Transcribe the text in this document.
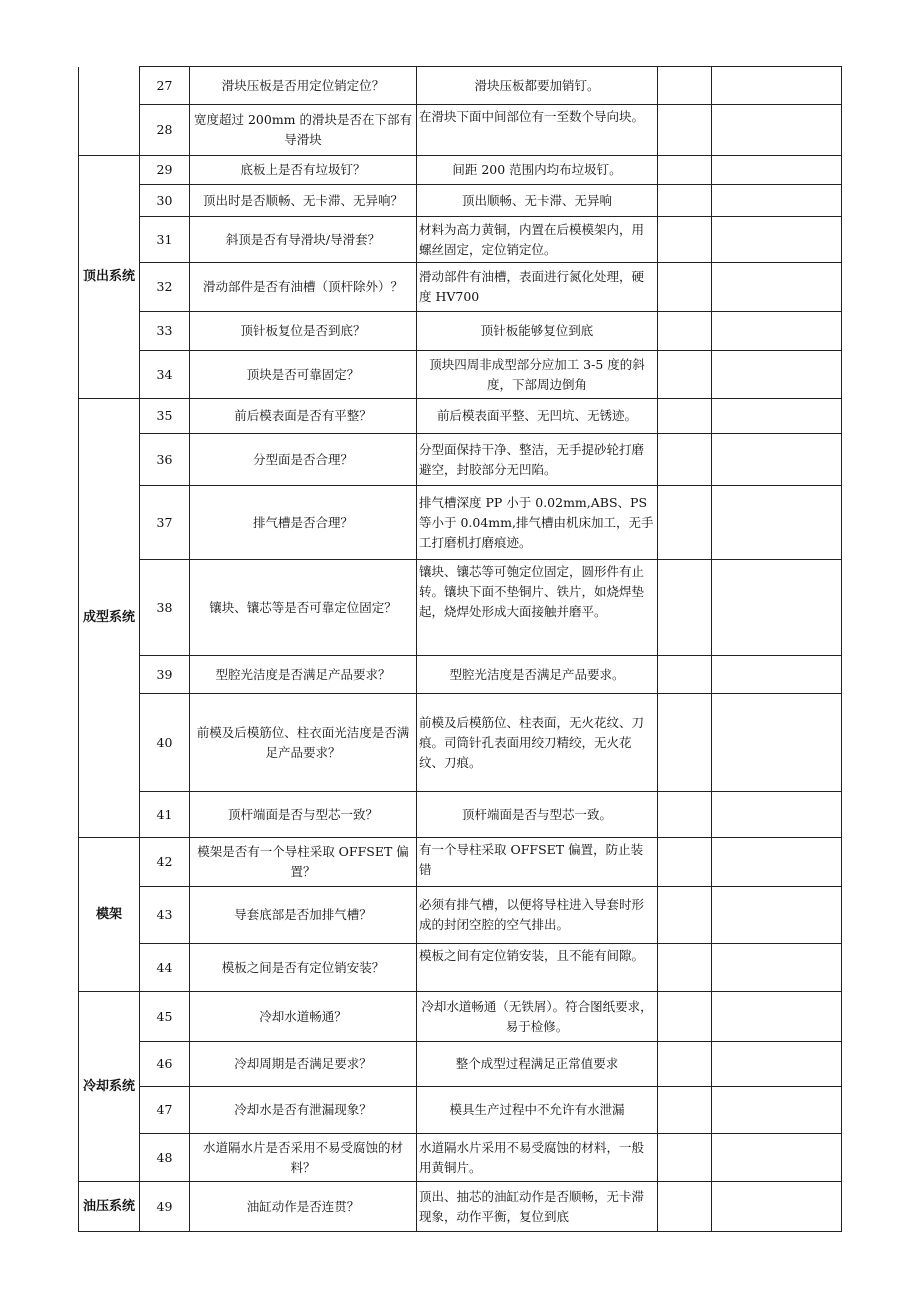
	27	滑块压板是否用定位销定位？	滑块压板都要加销钉。		
	28	宽度超过 200mm 的滑块是否在下部有导滑块	在滑块下面中间部位有一至数个导向块。		
顶出系统	29	底板上是否有垃圾钉？	间距 200 范围内均布垃圾钉。		
	30	顶出时是否顺畅、无卡滞、无异响？	顶出顺畅、无卡滞、无异响		
	31	斜顶是否有导滑块/导滑套？	材料为高力黄铜，内置在后模模架内，用螺丝固定，定位销定位。		
	32	滑动部件是否有油槽（顶杆除外）？	滑动部件有油槽，表面进行氮化处理，硬度 HV700		
	33	顶针板复位是否到底？	顶针板能够复位到底		
	34	顶块是否可靠固定？	顶块四周非成型部分应加工 3-5 度的斜度，下部周边倒角		
成型系统	35	前后模表面是否有平整？	前后模表面平整、无凹坑、无锈迹。		
	36	分型面是否合理？	分型面保持干净、整洁，无手提砂轮打磨避空，封胶部分无凹陷。		
	37	排气槽是否合理？	排气槽深度 PP 小于 0.02mm,ABS、PS 等小于 0.04mm,排气槽由机床加工，无手工打磨机打磨痕迹。		
	38	镶块、镶芯等是否可靠定位固定？	镶块、镶芯等可匏定位固定，圆形件有止转。镶块下面不垫铜片、铁片，如烧焊垫起，烧焊处形成大面接触并磨平。		
	39	型腔光洁度是否满足产品要求？	型腔光洁度是否满足产品要求。		
	40	前模及后模筋位、柱衣面光洁度是否满足产品要求？	前模及后模筋位、柱表面，无火花纹、刀痕。司筒针孔表面用绞刀精绞，无火花纹、刀痕。		
	41	顶杆端面是否与型芯一致？	顶杆端面是否与型芯一致。		
模架	42	模架是否有一个导柱采取 OFFSET 偏置？	有一个导柱采取 OFFSET 偏置，防止装错		
	43	导套底部是否加排气槽？	必须有排气槽，以便将导柱进入导套时形成的封闭空腔的空气排出。		
	44	模板之间是否有定位销安装？	模板之间有定位销安装，且不能有间隙。		
冷却系统	45	冷却水道畅通？	冷却水道畅通（无铁屑）。符合图纸要求，易于检修。		
	46	冷却周期是否满足要求？	整个成型过程满足正常值要求		
	47	冷却水是否有泄漏现象？	模具生产过程中不允许有水泄漏		
	48	水道隔水片是否采用不易受腐蚀的材料？	水道隔水片采用不易受腐蚀的材料，一般用黄铜片。		
油压系统	49	油缸动作是否连贯？	顶出、抽芯的油缸动作是否顺畅，无卡滞现象，动作平衡，复位到底		
